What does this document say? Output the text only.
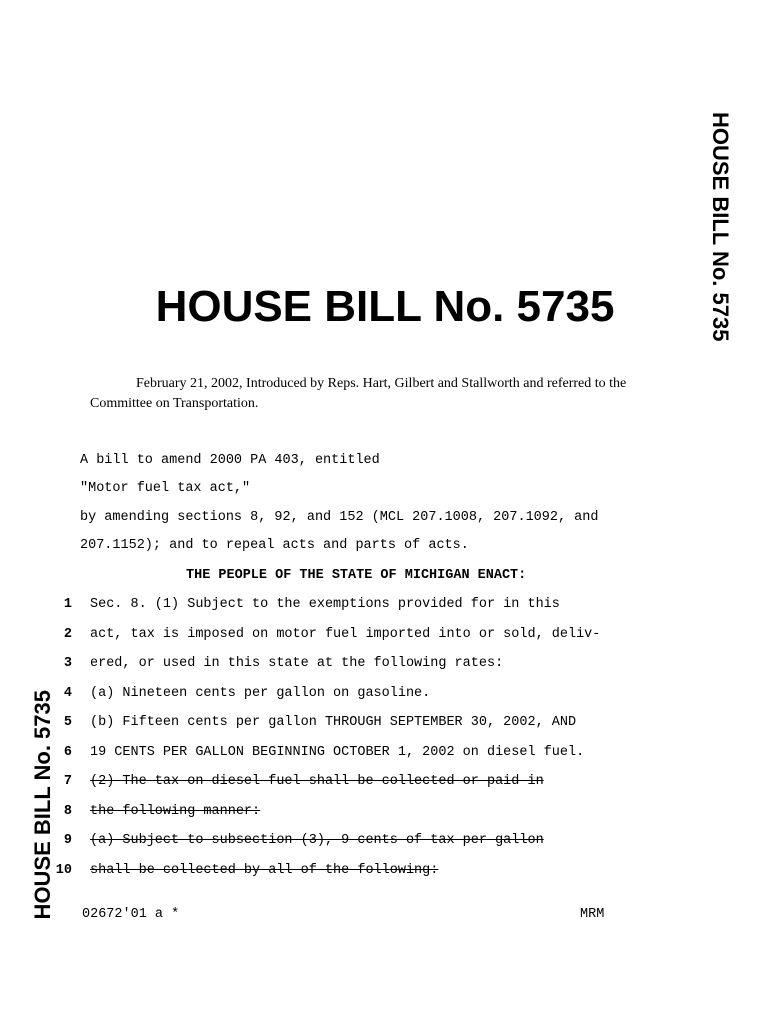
HOUSE BILL No. 5735
HOUSE BILL No. 5735
HOUSE BILL No. 5735
February 21, 2002, Introduced by Reps. Hart, Gilbert and Stallworth and referred to the
Committee on Transportation.
A bill to amend 2000 PA 403, entitled
"Motor fuel tax act,"
by amending sections 8, 92, and 152 (MCL 207.1008, 207.1092, and
207.1152); and to repeal acts and parts of acts.
THE PEOPLE OF THE STATE OF MICHIGAN ENACT:
1 Sec. 8. (1) Subject to the exemptions provided for in this
2 act, tax is imposed on motor fuel imported into or sold, deliv-
3 ered, or used in this state at the following rates:
4 (a) Nineteen cents per gallon on gasoline.
5 (b) Fifteen cents per gallon THROUGH SEPTEMBER 30, 2002, AND
6 19 CENTS PER GALLON BEGINNING OCTOBER 1, 2002 on diesel fuel.
7 (2) The tax on diesel fuel shall be collected or paid in
8 the following manner:
9 (a) Subject to subsection (3), 9 cents of tax per gallon
10 shall be collected by all of the following:
02672'01 a *	MRM
